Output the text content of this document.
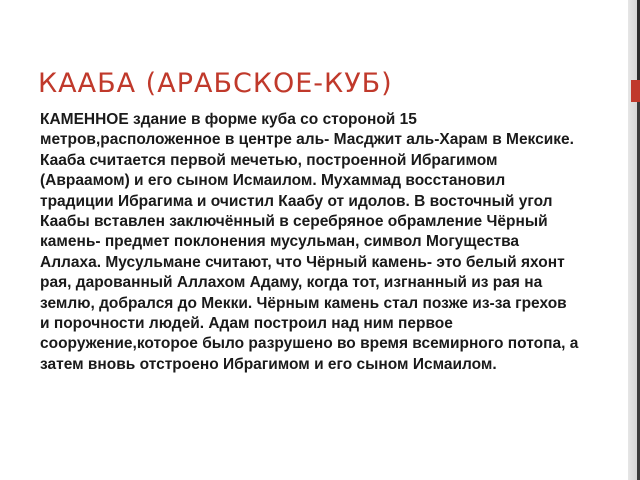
КААБА (АРАБСКОЕ-КУБ)

КАМЕННОЕ здание в форме куба со стороной 15 метров,расположенное в центре аль- Масджит аль-Харам в Мексике. Кааба считается первой мечетью, построенной Ибрагимом (Авраамом) и его сыном Исмаилом. Мухаммад восстановил традиции Ибрагима и очистил Каабу от идолов. В восточный угол Каабы вставлен заключённый в серебряное обрамление Чёрный камень- предмет поклонения мусульман, символ Могущества Аллаха. Мусульмане считают, что Чёрный камень- это белый яхонт рая, дарованный Аллахом Адаму, когда тот, изгнанный из рая на землю, добрался до Мекки. Чёрным камень стал позже из-за грехов и порочности людей. Адам построил над ним первое сооружение,которое было разрушено во время всемирного потопа, а затем вновь отстроено Ибрагимом и его сыном Исмаилом.
